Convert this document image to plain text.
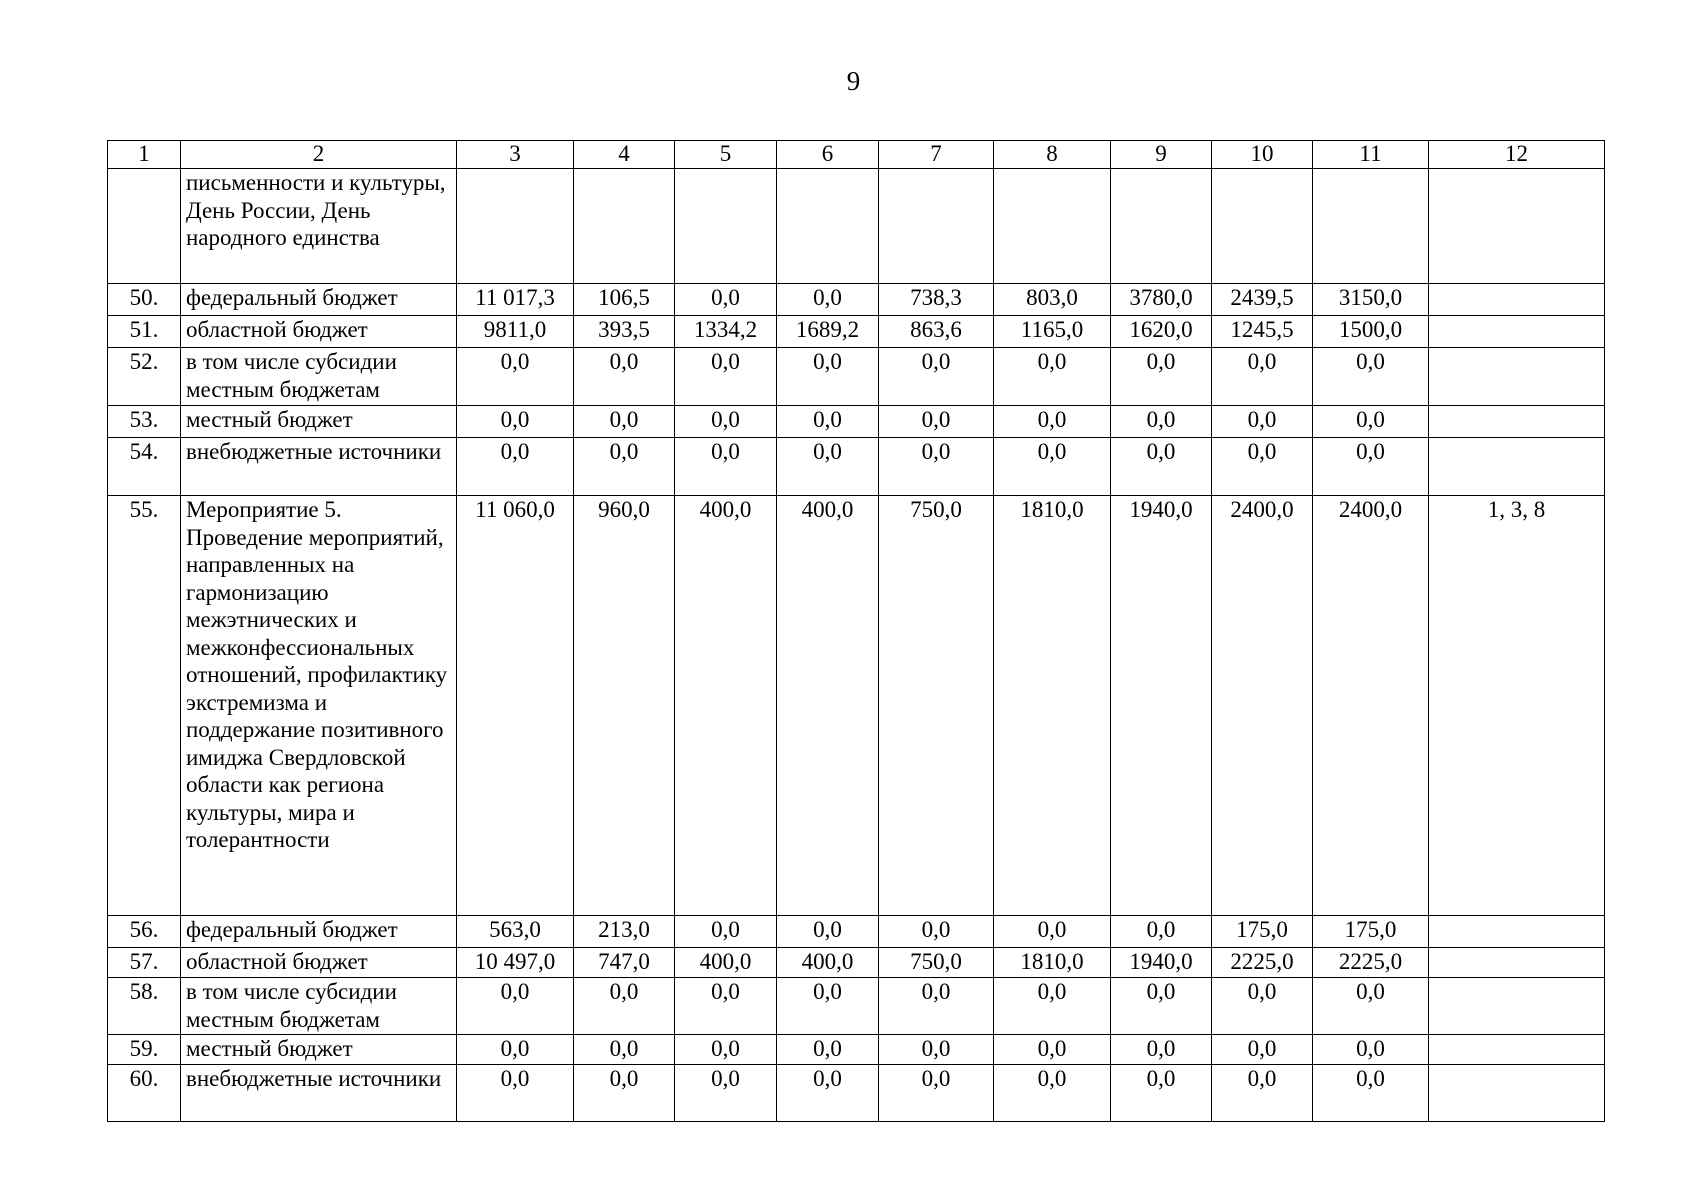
9
1	2	3	4	5	6	7	8	9	10	11	12
	письменности и культуры, День России, День народного единства										
50.	федеральный бюджет	11 017,3	106,5	0,0	0,0	738,3	803,0	3780,0	2439,5	3150,0	
51.	областной бюджет	9811,0	393,5	1334,2	1689,2	863,6	1165,0	1620,0	1245,5	1500,0	
52.	в том числе субсидии местным бюджетам	0,0	0,0	0,0	0,0	0,0	0,0	0,0	0,0	0,0	
53.	местный бюджет	0,0	0,0	0,0	0,0	0,0	0,0	0,0	0,0	0,0	
54.	внебюджетные источники	0,0	0,0	0,0	0,0	0,0	0,0	0,0	0,0	0,0	
55.	Мероприятие 5. Проведение мероприятий, направленных на гармонизацию межэтнических и межконфессиональных отношений, профилактику экстремизма и поддержание позитивного имиджа Свердловской области как региона культуры, мира и толерантности	11 060,0	960,0	400,0	400,0	750,0	1810,0	1940,0	2400,0	2400,0	1, 3, 8
56.	федеральный бюджет	563,0	213,0	0,0	0,0	0,0	0,0	0,0	175,0	175,0	
57.	областной бюджет	10 497,0	747,0	400,0	400,0	750,0	1810,0	1940,0	2225,0	2225,0	
58.	в том числе субсидии местным бюджетам	0,0	0,0	0,0	0,0	0,0	0,0	0,0	0,0	0,0	
59.	местный бюджет	0,0	0,0	0,0	0,0	0,0	0,0	0,0	0,0	0,0	
60.	внебюджетные источники	0,0	0,0	0,0	0,0	0,0	0,0	0,0	0,0	0,0	
